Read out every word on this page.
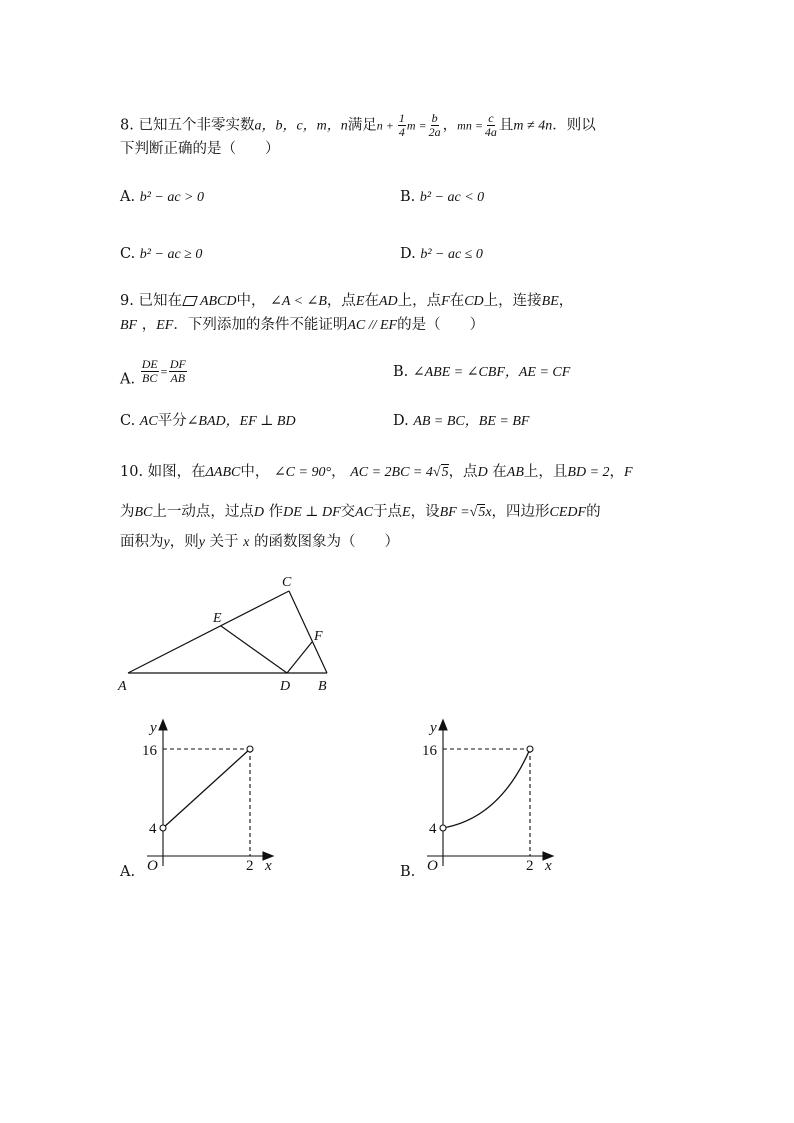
8. 已知五个非零实数a，b，c，m，n满足$n + \frac{1}{4}$ $m = \frac{b}{2a}$ ，mn = $\frac{c}{4a}$ 且m ≠ 4n．则以
下判断正确的是（　　）
A. b² − ac > 0	B. b² − ac < 0
C. b² − ac ≥ 0	D. b² − ac ≤ 0
9. 已知在 ABCD中， ∠A < ∠B，点E在AD上，点F在CD上，连接BE，
BF ，EF．下列添加的条件不能证明AC // EF的是（　　）
A. $\frac{DE}{BC} = \frac{DF}{AB}$	B. ∠ABE = ∠CBF，AE = CF
C. AC平分∠BAD，EF ⊥ BD	D. AB = BC，BE = BF
10. 如图，在ΔABC中， ∠C = 90°， AC = 2BC = 4√5，点D 在AB上，且BD = 2，F
为BC上一动点，过点D 作DE ⊥ DF交AC于点E，设BF =√5x，四边形CEDF的
面积为y，则y 关于 x 的函数图象为（　　）
A	B
C
D
E
F
A.
y
x
O
16
4
2	B.
y
x
O
16
4
2
